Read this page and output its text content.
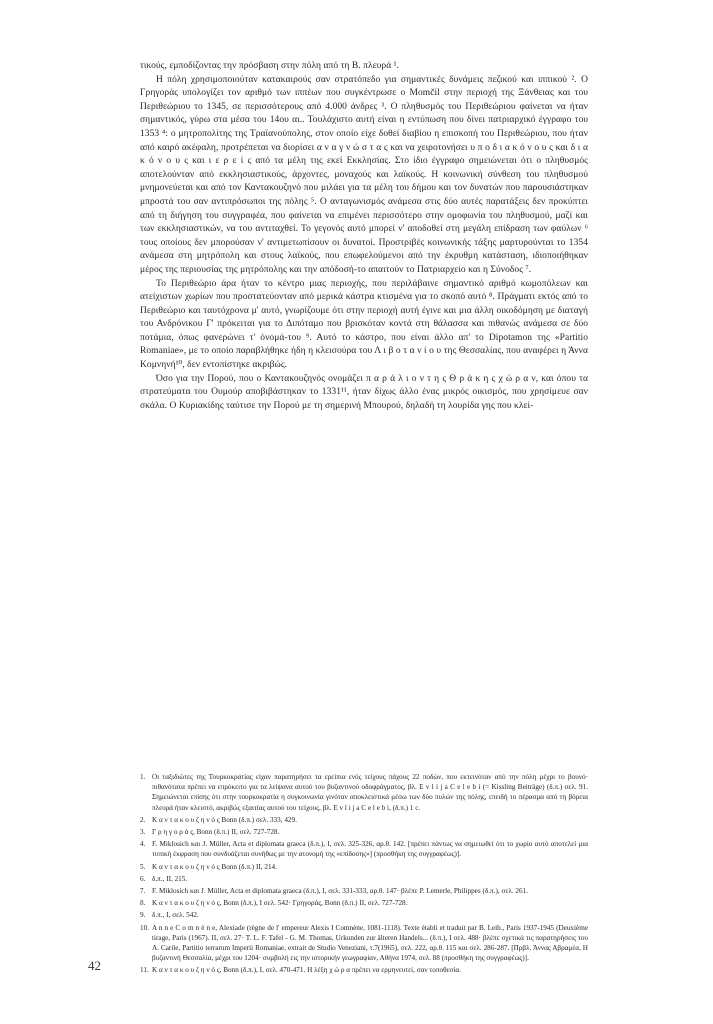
τικούς, εμποδίζοντας την πρόσβαση στην πόλη από τη Β. πλευρά ¹.

Η πόλη χρησιμοποιούταν κατακαιρούς σαν στρατόπεδο για σημαντικές δυνάμεις πεζικού και ιππικού ². Ο Γρηγοράς υπολογίζει τον αριθμό των ιππέων που συγκέντρωσε ο Momčil στην περιοχή της Ξάνθειας και του Περιθεώριου το 1345, σε περισσότερους από 4.000 άνδρες ³. Ο πληθυσμός του Περιθεώριου φαίνεται να ήταν σημαντικός, γύρω στα μέσα του 14ου αι.. Τουλάχιστο αυτή είναι η εντύπωση που δίνει πατριαρχικό έγγραφο του 1353 ⁴: ο μητροπολίτης της Τραϊανούπολης, στον οποίο είχε δοθεί διαβίου η επισκοπή του Περιθεώριου, που ήταν από καιρό ακέφαλη, προτρέπεται να διορίσει α ν α γ ν ώ σ τ α ς και να χειροτονήσει υ π ο δ ι α κ ό ν ο υ ς και δ ι α κ ό ν ο υ ς και ι ε ρ ε ί ς από τα μέλη της εκεί Εκκλησίας. Στο ίδιο έγγραφο σημειώνεται ότι ο πληθυσμός αποτελούνταν από εκκλησιαστικούς, άρχοντες, μοναχούς και λαϊκούς. Η κοινωνική σύνθεση του πληθυσμού μνημονεύεται και από τον Καντακουζηνό που μιλάει για τα μέλη του δήμου και τον δυνατών που παρουσιάστηκαν μπροστά του σαν αντιπρόσωποι της πόλης ⁵. Ο ανταγωνισμός ανάμεσα στις δύο αυτές παρατάξεις δεν προκύπτει από τη διήγηση του συγγραφέα, που φαίνεται να επιμένει περισσότερο στην ομοφωνία του πληθυσμού, μαζί και των εκκλησιαστικών, να του αντιταχθεί. Το γεγονός αυτό μπορεί ν' αποδοθεί στη μεγάλη επίδραση των φαύλων ⁶ τους οποίους δεν μπορούσαν ν' αντιμετωπίσουν οι δυνατοί. Προστριβές κοινωνικής τάξης μαρτυρούνται το 1354 ανάμεσα στη μητρόπολη και στους λαϊκούς, που επωφελούμενοι από την έκρυθμη κατάσταση, ιδιοποιήθηκαν μέρος της περιουσίας της μητρόπολης και την απόδοσή-το απαιτούν το Πατριαρχείο και η Σύνοδος ⁷.

Το Περιθεώριο άρα ήταν το κέντρο μιας περιοχής, που περιλάβαινε σημαντικό αριθμό κωμοπόλεων και ατείχιστων χωρίων που προστατεύονταν από μερικά κάστρα κτισμένα για το σκοπό αυτό ⁸. Πράγματι εκτός από το Περιθεώριο και ταυτόχρονα μ' αυτό, γνωρίζουμε ότι στην περιοχή αυτή έγινε και μια άλλη οικοδόμηση με διαταγή του Ανδρόνικου Γ' πρόκειται για το Διπόταμο που βρισκόταν κοντά στη θάλασσα και πιθανώς ανάμεσα σε δύο ποτάμια, όπως φανερώνει τ' όνομά-του ⁹. Αυτό το κάστρο, που είναι άλλο απ' το Dipotamon της «Partitio Romaniae», με το οποίο παραβλήθηκε ήδη η κλεισούρα του Λ ι β ο τ α ν ί ο υ της Θεσσαλίας, που αναφέρει η Άννα Κομνηνή¹⁰, δεν εντοπίστηκε ακριβώς.

Όσο για την Πορού, που ο Καντακουζηνός ονομάζει π α ρ ά λ ι ο ν τ η ς Θ ρ ά κ η ς χ ώ ρ α ν, και όπου τα στρατεύματα του Ουμούρ αποβιβάστηκαν το 1331¹¹, ήταν δίχως άλλο ένας μικρός οικισμός, που χρησίμευε σαν σκάλα. Ο Κυριακίδης ταύτισε την Πορού με τη σημερινή Μπουρού, δηλαδή τη λουρίδα γης που κλεί-

1. Οι ταξιδιώτες της Τουρκοκρατίας είχαν παρατηρήσει τα ερείπια ενός τείχους πάχους 22 ποδών, που εκτεινόταν από την πόλη μέχρι το βουνό· πιθανότατα πρέπει να επρόκειτο για τα λείψανα αυτού του βυζαντινού οδοφράγματος, βλ. E v l i j a C e l e b i (= Kissling Beiträge) (δ.π.) σελ. 91. Σημειώνεται επίσης ότι στην τουρκοκρατία η συγκοινωνία γινόταν αποκλειστικά μέσω των δύο πυλών της πόλης, επειδή το πέρασμα από τη βόρεια πλευρά ήταν κλειστό, ακριβώς εξαιτίας αυτού του τείχους, βλ. E v l i j a C e l e b i, (δ.π.) 1 c.
2. K α ν τ α κ ο υ ζ η ν ό ς Bonn (δ.π.) σελ. 333, 429.
3. Γ ρ η γ ο ρ ά ς, Bonn (δ.π.) II, σελ. 727-728.
4. F. Miklosich και J. Müller, Acta et diplomata graeca (δ.π.), I, σελ. 325-326, αρ.θ. 142. [πρέπει πάντως να σημειωθεί ότι το χωρίο αυτό αποτελεί μια τυπική έκφραση που συνδυάζεται συνήθως με την ατονομή της «επίδοσης»] (προσθήκη της συγγραφέως)].
5. K α ν τ α κ ο υ ζ η ν ό ς Bonn (δ.π.) II, 214.
6. δ.π., II, 215.
7. F. Miklosich και J. Müller, Acta et diplomata graeca (δ.π.), I, σελ. 331-333, αρ.θ. 147· βλέπε P. Lemerle, Philippes (δ.π.), σελ. 261.
8. K α ν τ α κ ο υ ζ η ν ό ς, Bonn (δ.π.), I σελ. 542· Γρηγοράς, Bonn (δ.π.) II, σελ. 727-728.
9. δ.π., I, σελ. 542.
10. A n n e C o m n è n e, Alexiade (règne de l' empereur Alexis I Comnène, 1081-1118). Texte établi et traduit par B. Leib., Paris 1937-1945 (Deuxième tirage, Paris (1967). II, σελ. 27· T. L. F. Tafel - G. M. Thomas, Urkunden zur älteren Handels... (δ.π.), I σελ. 488· βλέπε σχετικά τις παρατηρήσεις του A. Carile, Partitio terrarum Imperii Romaniae, extrait de Studio Veneziani, τ.7(1965), σελ. 222, αρ.θ. 115 και σελ. 286-287. [Πρβλ. Άννας Αβραμέα, Η βυζαντινή Θεσσαλία, μέχρι του 1204· συμβολή εις την ιστορικήν γεωγραφίαν, Αθήνα 1974, σελ. 88 (προσθήκη της συγγραφέως)].
11. K α ν τ α κ ο υ ζ η ν ό ς, Bonn (δ.π.), I, σελ. 470-471. Η λέξη χ ώ ρ α πρέπει να ερμηνευτεί, σαν τοποθεσία.
42
